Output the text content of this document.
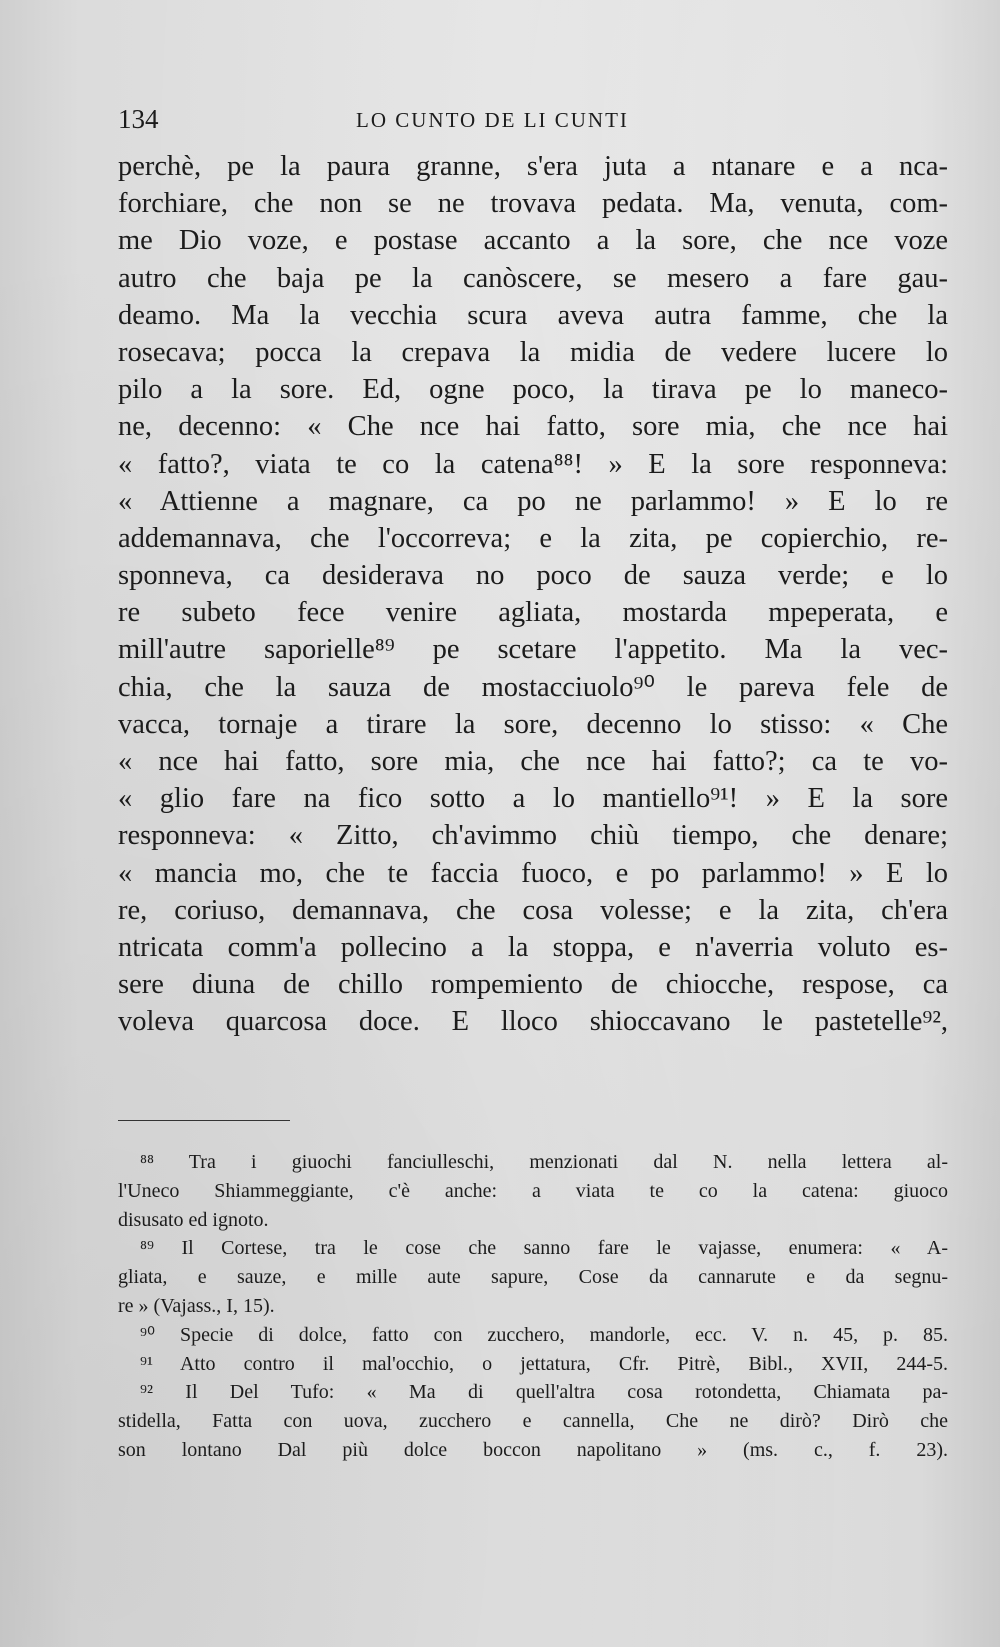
134	LO CUNTO DE LI CUNTI
perchè, pe la paura granne, s'era juta a ntanare e a nca-
forchiare, che non se ne trovava pedata. Ma, venuta, com-
me Dio voze, e postase accanto a la sore, che nce voze
autro che baja pe la canòscere, se mesero a fare gau-
deamo. Ma la vecchia scura aveva autra famme, che la
rosecava; pocca la crepava la midia de vedere lucere lo
pilo a la sore. Ed, ogne poco, la tirava pe lo maneco-
ne, decenno: « Che nce hai fatto, sore mia, che nce hai
« fatto?, viata te co la catena⁸⁸! » E la sore responneva:
« Attienne a magnare, ca po ne parlammo! » E lo re
addemannava, che l'occorreva; e la zita, pe copierchio, re-
sponneva, ca desiderava no poco de sauza verde; e lo
re subeto fece venire agliata, mostarda mpeperata, e
mill'autre saporielle⁸⁹ pe scetare l'appetito. Ma la vec-
chia, che la sauza de mostacciuolo⁹⁰ le pareva fele de
vacca, tornaje a tirare la sore, decenno lo stisso: « Che
« nce hai fatto, sore mia, che nce hai fatto?; ca te vo-
« glio fare na fico sotto a lo mantiello⁹¹! » E la sore
responneva: « Zitto, ch'avimmo chiù tiempo, che denare;
« mancia mo, che te faccia fuoco, e po parlammo! » E lo
re, coriuso, demannava, che cosa volesse; e la zita, ch'era
ntricata comm'a pollecino a la stoppa, e n'averria voluto es-
sere diuna de chillo rompemiento de chiocche, respose, ca
voleva quarcosa doce. E lloco shioccavano le pastetelle⁹²,
⁸⁸ Tra i giuochi fanciulleschi, menzionati dal N. nella lettera al-
l'Uneco Shiammeggiante, c'è anche: a viata te co la catena: giuoco
disusato ed ignoto.
⁸⁹ Il Cortese, tra le cose che sanno fare le vajasse, enumera: « A-
gliata, e sauze, e mille aute sapure, Cose da cannarute e da segnu-
re » (Vajass., I, 15).
⁹⁰ Specie di dolce, fatto con zucchero, mandorle, ecc. V. n. 45, p. 85.
⁹¹ Atto contro il mal'occhio, o jettatura, Cfr. Pitrè, Bibl., XVII, 244-5.
⁹² Il Del Tufo: « Ma di quell'altra cosa rotondetta, Chiamata pa-
stidella, Fatta con uova, zucchero e cannella, Che ne dirò? Dirò che
son lontano Dal più dolce boccon napolitano » (ms. c., f. 23).
